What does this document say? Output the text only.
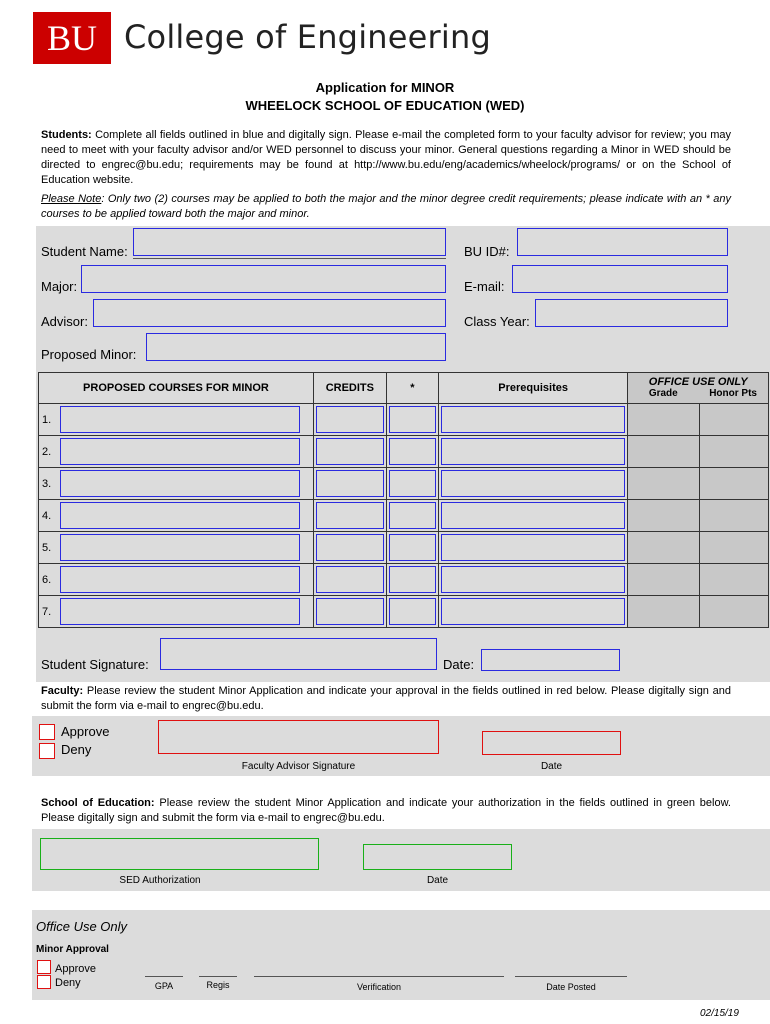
BU College of Engineering
Application for MINOR
WHEELOCK SCHOOL OF EDUCATION (WED)
Students: Complete all fields outlined in blue and digitally sign. Please e-mail the completed form to your faculty advisor for review; you may need to meet with your faculty advisor and/or WED personnel to discuss your minor. General questions regarding a Minor in WED should be directed to engrec@bu.edu; requirements may be found at http://www.bu.edu/eng/academics/wheelock/programs/ or on the School of Education website.
Please Note: Only two (2) courses may be applied to both the major and the minor degree credit requirements; please indicate with an * any courses to be applied toward both the major and minor.
Student Name:	BU ID#:
Major:	E-mail:
Advisor:	Class Year:
Proposed Minor:
PROPOSED COURSES FOR MINOR	CREDITS	*	Prerequisites	OFFICE USE ONLY
Grade Honor Pts	

1.	

2.	

3.	

4.	

5.	

6.	

7.	

Student Signature:	Date:
Faculty: Please review the student Minor Application and indicate your approval in the fields outlined in red below. Please digitally sign and submit the form via e-mail to engrec@bu.edu.
Approve
Deny
Faculty Advisor Signature	Date
School of Education: Please review the student Minor Application and indicate your authorization in the fields outlined in green below. Please digitally sign and submit the form via e-mail to engrec@bu.edu.
SED Authorization	Date
Office Use Only
Minor Approval
Approve
Deny	GPA	Regis	Verification	Date Posted
02/15/19
